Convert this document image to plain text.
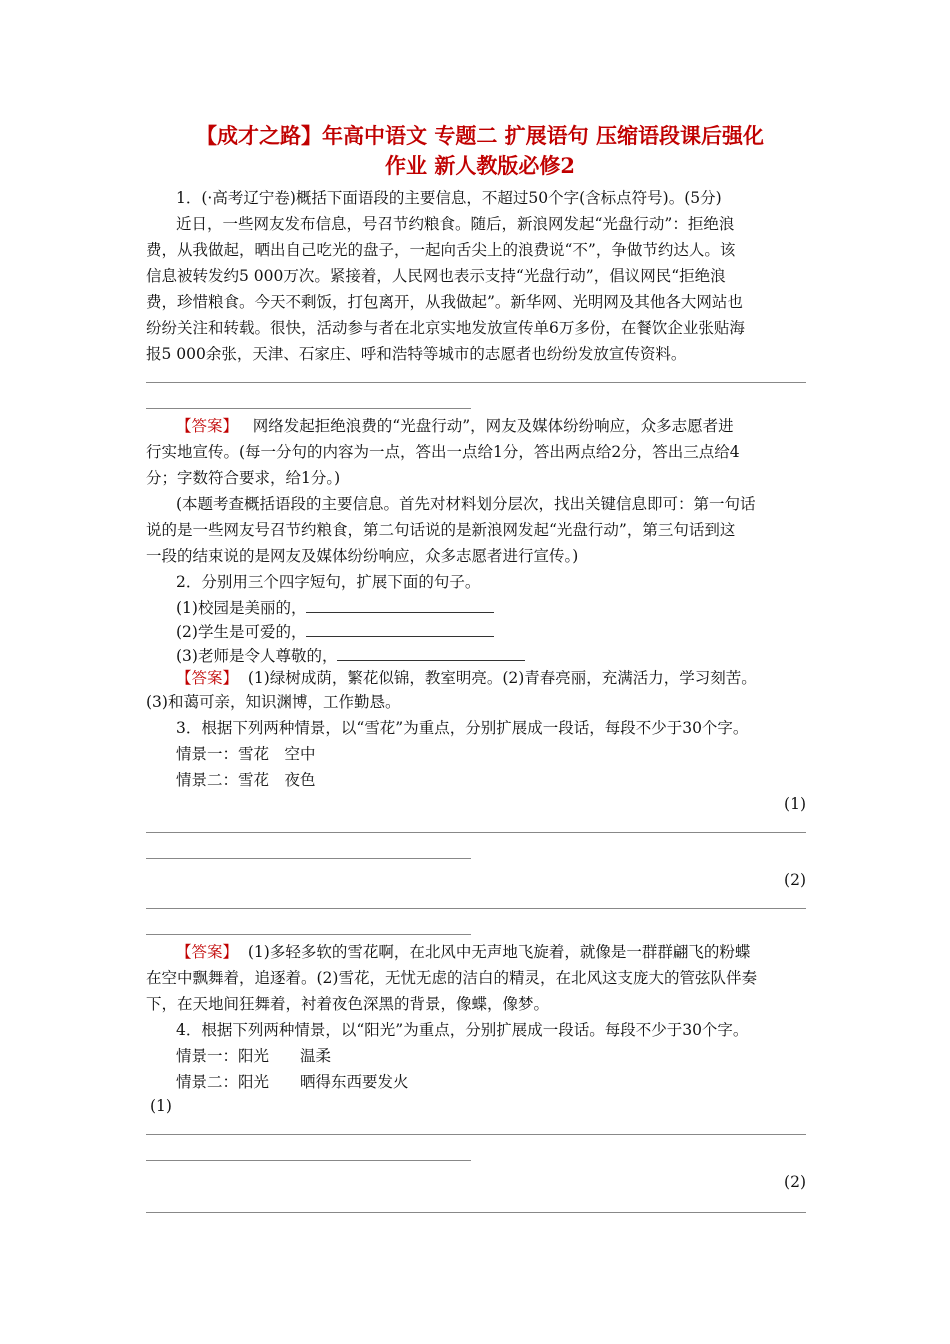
【成才之路】年高中语文 专题二 扩展语句 压缩语段课后强化
作业 新人教版必修2
1．(·高考辽宁卷)概括下面语段的主要信息，不超过50个字(含标点符号)。(5分)
近日，一些网友发布信息，号召节约粮食。随后，新浪网发起“光盘行动”：拒绝浪
费，从我做起，晒出自己吃光的盘子，一起向舌尖上的浪费说“不”，争做节约达人。该
信息被转发约5 000万次。紧接着，人民网也表示支持“光盘行动”，倡议网民“拒绝浪
费，珍惜粮食。今天不剩饭，打包离开，从我做起”。新华网、光明网及其他各大网站也
纷纷关注和转载。很快，活动参与者在北京实地发放宣传单6万多份，在餐饮企业张贴海
报5 000余张，天津、石家庄、呼和浩特等城市的志愿者也纷纷发放宣传资料。
【答案】 网络发起拒绝浪费的“光盘行动”，网友及媒体纷纷响应，众多志愿者进
行实地宣传。(每一分句的内容为一点，答出一点给1分，答出两点给2分，答出三点给4
分；字数符合要求，给1分。)
(本题考查概括语段的主要信息。首先对材料划分层次，找出关键信息即可：第一句话
说的是一些网友号召节约粮食，第二句话说的是新浪网发起“光盘行动”，第三句话到这
一段的结束说的是网友及媒体纷纷响应，众多志愿者进行宣传。)
2．分别用三个四字短句，扩展下面的句子。
(1)校园是美丽的，
(2)学生是可爱的，
(3)老师是令人尊敬的，
【答案】 (1)绿树成荫，繁花似锦，教室明亮。(2)青春亮丽，充满活力，学习刻苦。
(3)和蔼可亲，知识渊博，工作勤恳。
3．根据下列两种情景，以“雪花”为重点，分别扩展成一段话，每段不少于30个字。
情景一：雪花　空中
情景二：雪花　夜色
(1)
(2)
【答案】 (1)多轻多软的雪花啊，在北风中无声地飞旋着，就像是一群群翩飞的粉蝶
在空中飘舞着，追逐着。(2)雪花，无忧无虑的洁白的精灵，在北风这支庞大的管弦队伴奏
下，在天地间狂舞着，衬着夜色深黑的背景，像蝶，像梦。
4．根据下列两种情景，以“阳光”为重点，分别扩展成一段话。每段不少于30个字。
情景一：阳光　　温柔
情景二：阳光　　晒得东西要发火
(1)
(2)
